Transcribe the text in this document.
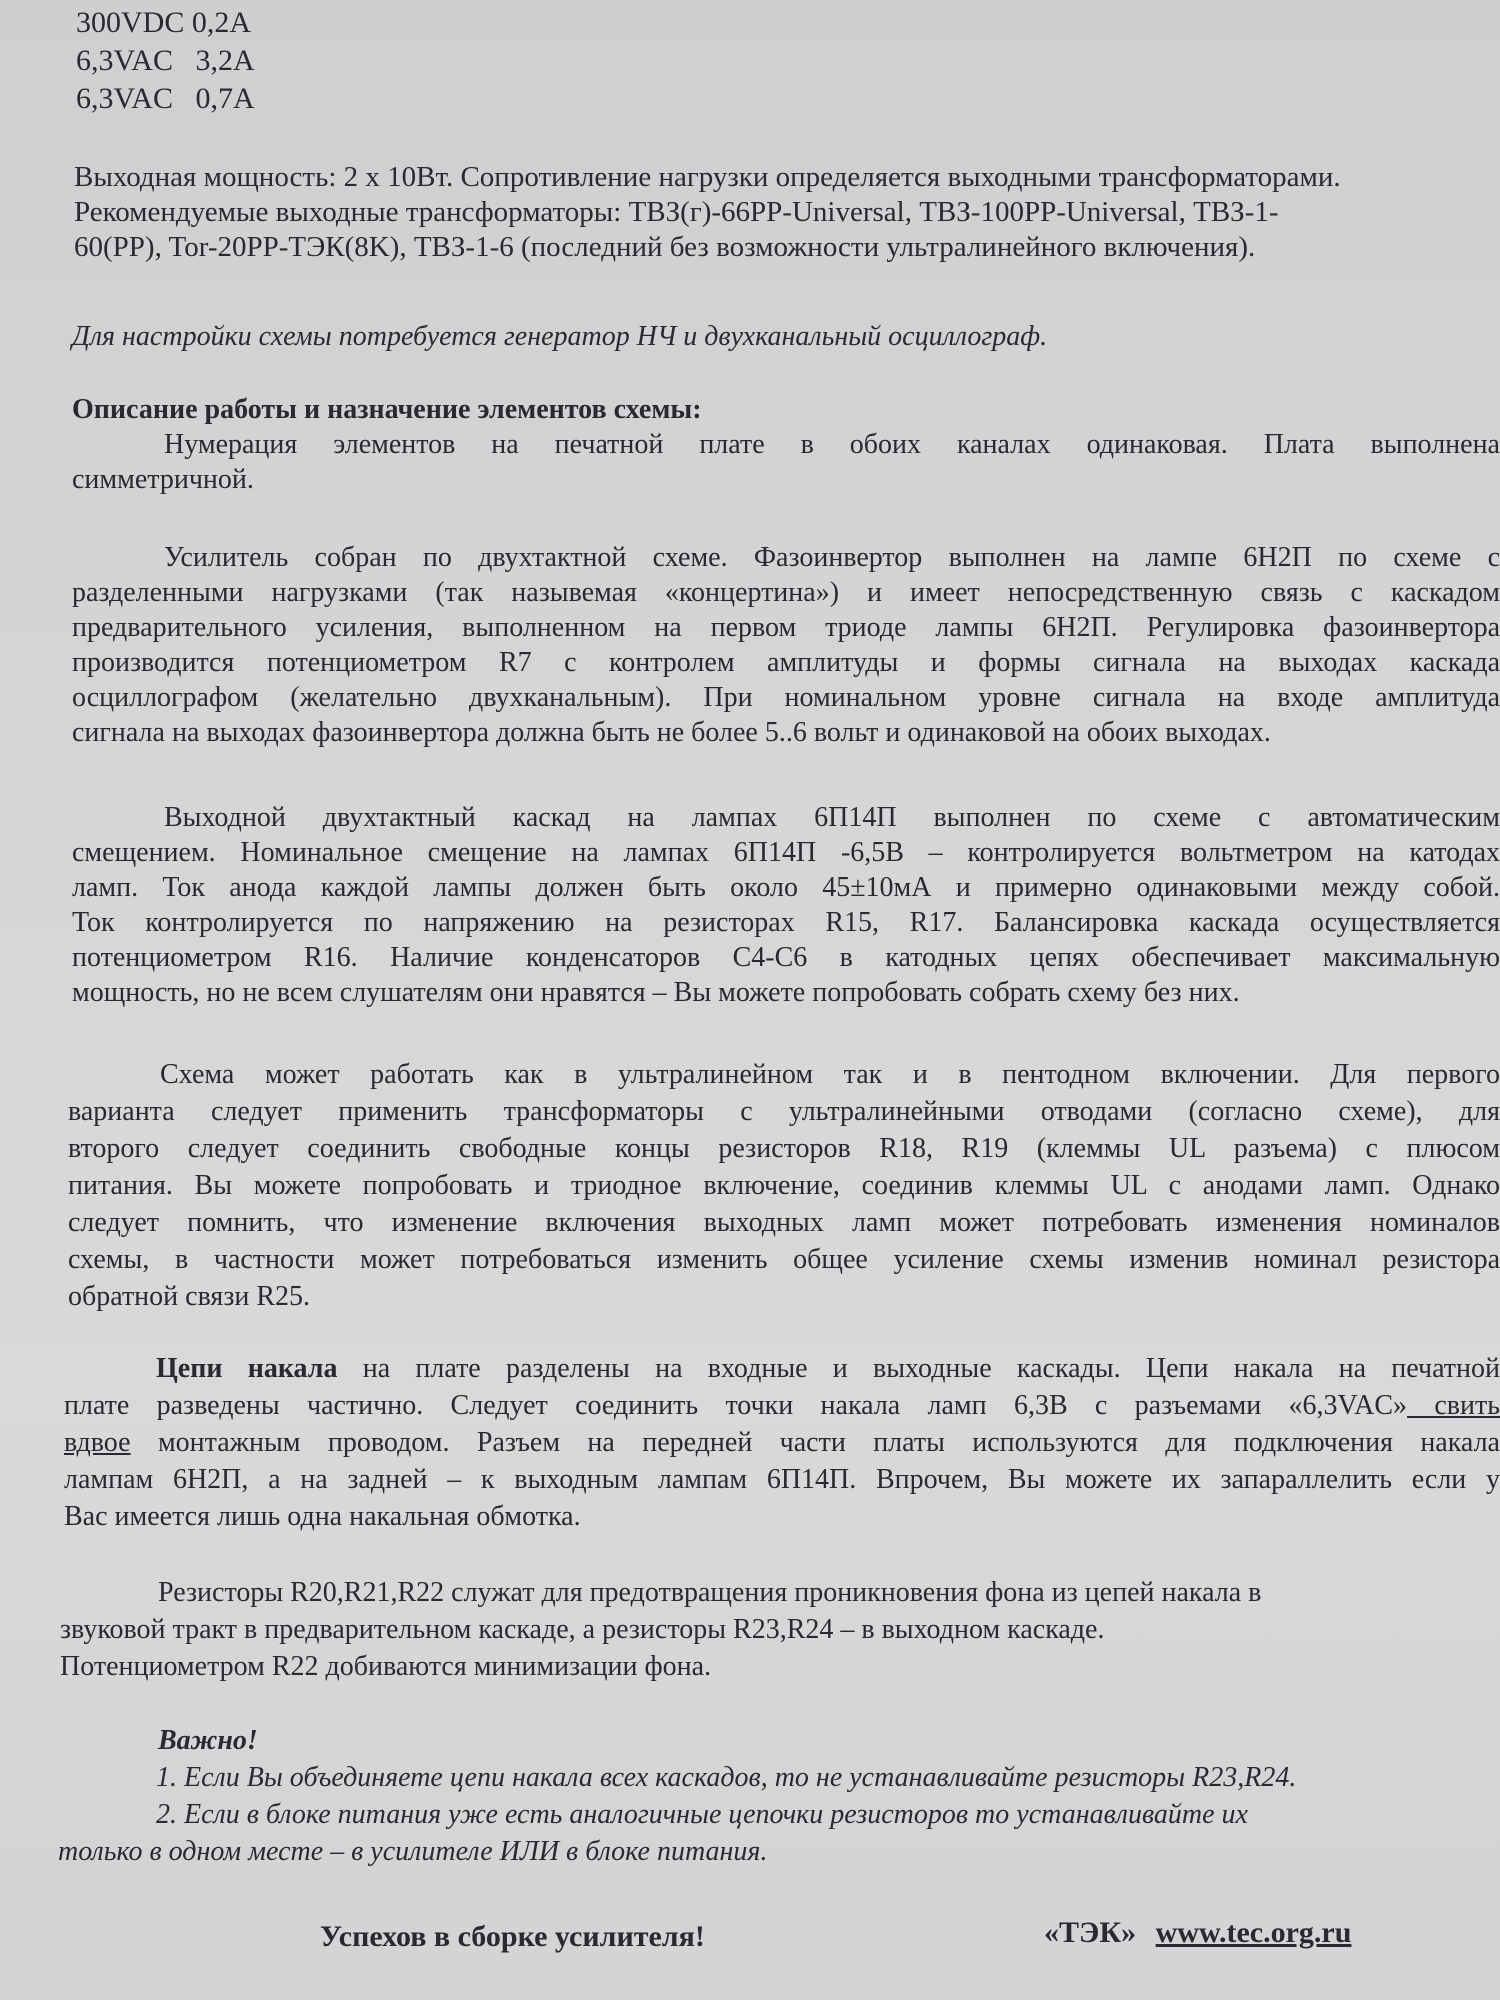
300VDC 0,2A
6,3VAC   3,2A
6,3VAC   0,7A
Выходная мощность: 2 x 10Вт. Сопротивление нагрузки определяется выходными трансформаторами.
Рекомендуемые выходные трансформаторы: ТВЗ(г)-66PP-Universal, ТВЗ-100PP-Universal, ТВЗ-1-
60(PP), Tor-20PP-ТЭК(8K), ТВЗ-1-6 (последний без возможности ультралинейного включения).
Для настройки схемы потребуется генератор НЧ и двухканальный осциллограф.
Описание работы и назначение элементов схемы:
Нумерация элементов на печатной плате в обоих каналах одинаковая. Плата выполнена
симметричной.
Усилитель собран по двухтактной схеме. Фазоинвертор выполнен на лампе 6Н2П по схеме с
разделенными нагрузками (так назывемая «концертина») и имеет непосредственную связь с каскадом
предварительного усиления, выполненном на первом триоде лампы 6Н2П. Регулировка фазоинвертора
производится потенциометром R7 с контролем амплитуды и формы сигнала на выходах каскада
осциллографом (желательно двухканальным). При номинальном уровне сигнала на входе амплитуда
сигнала на выходах фазоинвертора должна быть не более 5..6 вольт и одинаковой на обоих выходах.
Выходной двухтактный каскад на лампах 6П14П выполнен по схеме с автоматическим
смещением. Номинальное смещение на лампах 6П14П -6,5В – контролируется вольтметром на катодах
ламп. Ток анода каждой лампы должен быть около 45±10мА и примерно одинаковыми между собой.
Ток контролируется по напряжению на резисторах R15, R17. Балансировка каскада осуществляется
потенциометром R16. Наличие конденсаторов С4-С6 в катодных цепях обеспечивает максимальную
мощность, но не всем слушателям они нравятся – Вы можете попробовать собрать схему без них.
Схема может работать как в ультралинейном так и в пентодном включении. Для первого
варианта следует применить трансформаторы с ультралинейными отводами (согласно схеме), для
второго следует соединить свободные концы резисторов R18, R19 (клеммы UL разъема) с плюсом
питания. Вы можете попробовать и триодное включение, соединив клеммы UL с анодами ламп. Однако
следует помнить, что изменение включения выходных ламп может потребовать изменения номиналов
схемы, в частности может потребоваться изменить общее усиление схемы изменив номинал резистора
обратной связи R25.
Цепи накала на плате разделены на входные и выходные каскады. Цепи накала на печатной
плате разведены частично. Следует соединить точки накала ламп 6,3В с разъемами «6,3VAC» свить
вдвое монтажным проводом. Разъем на передней части платы используются для подключения накала
лампам 6Н2П, а на задней – к выходным лампам 6П14П. Впрочем, Вы можете их запараллелить если у
Вас имеется лишь одна накальная обмотка.
Резисторы R20,R21,R22 служат для предотвращения проникновения фона из цепей накала в
звуковой тракт в предварительном каскаде, а резисторы R23,R24 – в выходном каскаде.
Потенциометром R22 добиваются минимизации фона.
Важно!
1. Если Вы объединяете цепи накала всех каскадов, то не устанавливайте резисторы R23,R24.
2. Если в блоке питания уже есть аналогичные цепочки резисторов то устанавливайте их
только в одном месте – в усилителе ИЛИ в блоке питания.
Успехов в сборке усилителя!	«ТЭК» www.tec.org.ru
